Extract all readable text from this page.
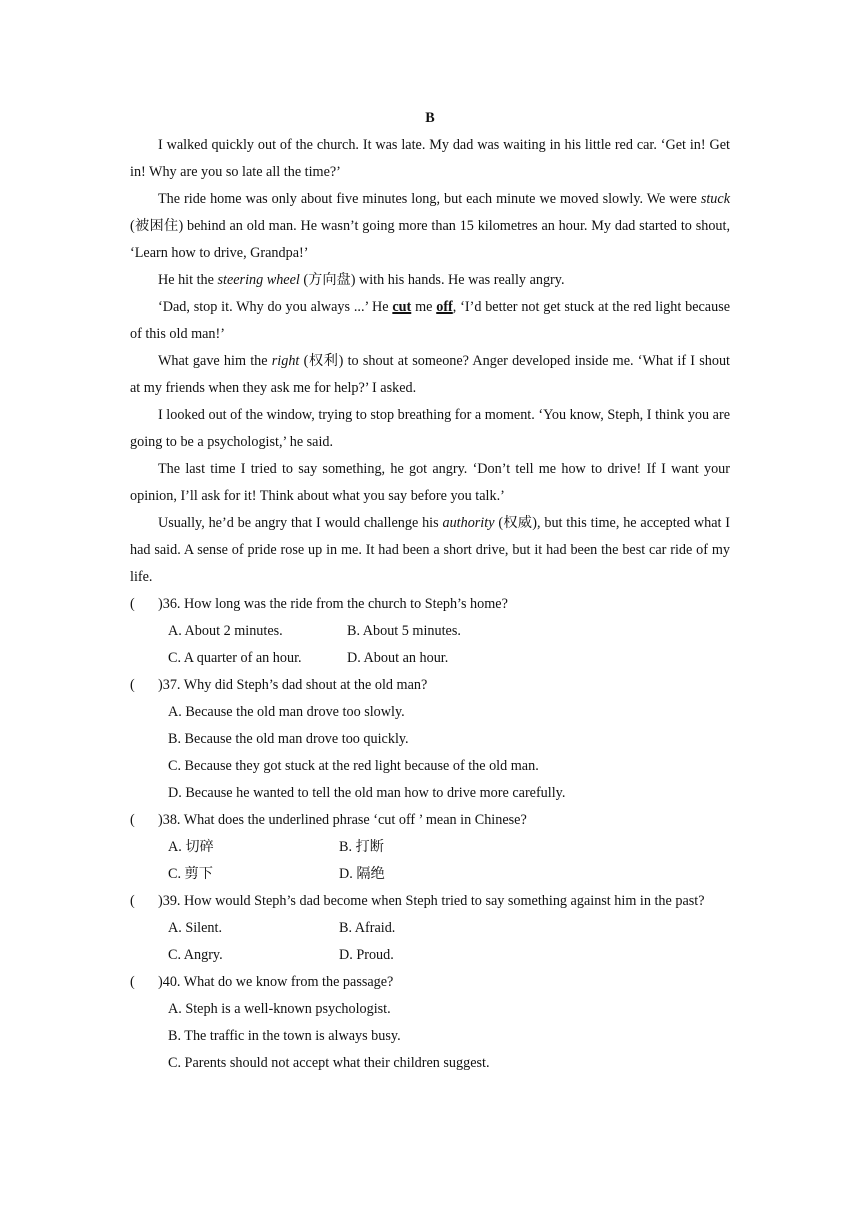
B

I walked quickly out of the church. It was late. My dad was waiting in his little red car. ‘Get in! Get in! Why are you so late all the time?’

The ride home was only about five minutes long, but each minute we moved slowly. We were stuck (被困住) behind an old man. He wasn’t going more than 15 kilometres an hour. My dad started to shout, ‘Learn how to drive, Grandpa!’

He hit the steering wheel (方向盘) with his hands. He was really angry.

‘Dad, stop it. Why do you always ...’ He cut me off, ‘I’d better not get stuck at the red light because of this old man!’

What gave him the right (权利) to shout at someone? Anger developed inside me. ‘What if I shout at my friends when they ask me for help?’ I asked.

I looked out of the window, trying to stop breathing for a moment. ‘You know, Steph, I think you are going to be a psychologist,’ he said.

The last time I tried to say something, he got angry. ‘Don’t tell me how to drive! If I want your opinion, I’ll ask for it! Think about what you say before you talk.’

Usually, he’d be angry that I would challenge his authority (权威), but this time, he accepted what I had said. A sense of pride rose up in me. It had been a short drive, but it had been the best car ride of my life.

( )36. How long was the ride from the church to Steph’s home?

A. About 2 minutes.	B. About 5 minutes.

C. A quarter of an hour.	D. About an hour.

( )37. Why did Steph’s dad shout at the old man?

A. Because the old man drove too slowly.

B. Because the old man drove too quickly.

C. Because they got stuck at the red light because of the old man.

D. Because he wanted to tell the old man how to drive more carefully.

( )38. What does the underlined phrase ‘cut off ’ mean in Chinese?

A. 切碎	B. 打断

C. 剪下	D. 隔绝

( )39. How would Steph’s dad become when Steph tried to say something against him in the past?

A. Silent.	B. Afraid.

C. Angry.	D. Proud.

( )40. What do we know from the passage?

A. Steph is a well-known psychologist.

B. The traffic in the town is always busy.

C. Parents should not accept what their children suggest.
